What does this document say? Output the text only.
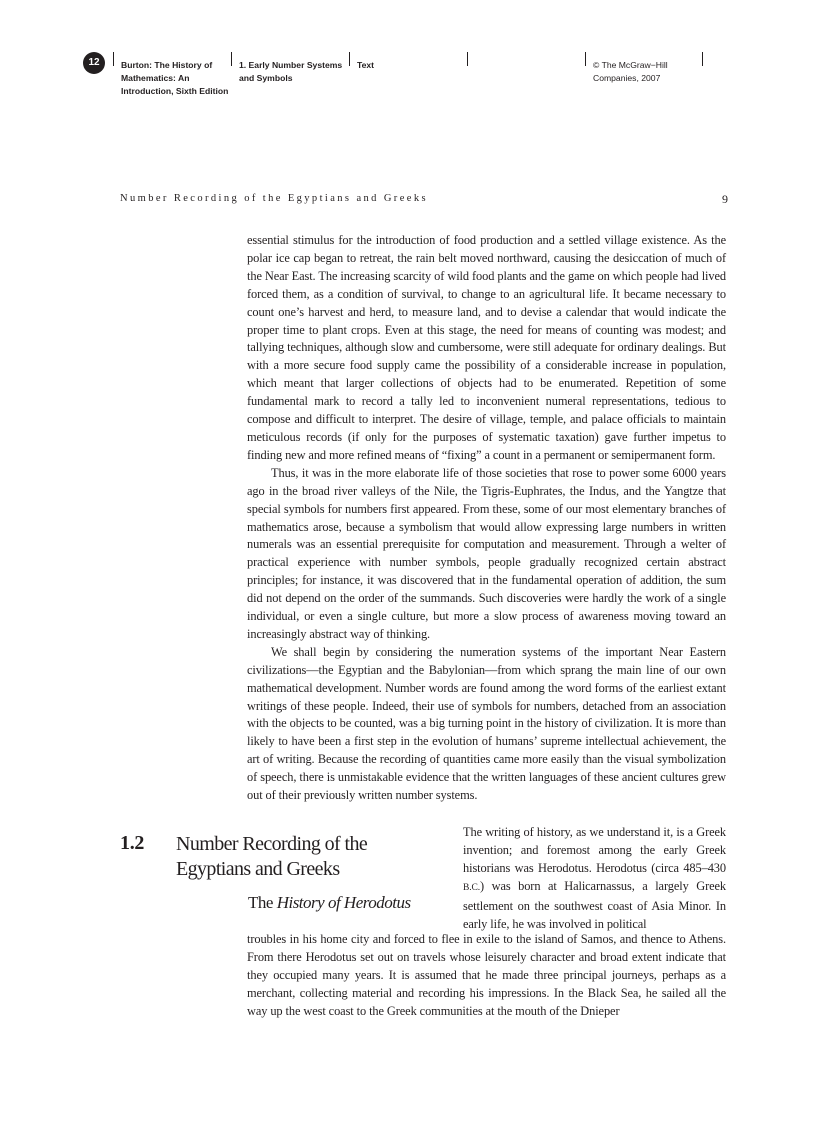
12	Burton: The History of
Mathematics: An
Introduction, Sixth Edition
1. Early Number Systems
and Symbols
Text	© The McGraw−Hill
Companies, 2007
Number Recording of the Egyptians and Greeks	9

essential stimulus for the introduction of food production and a settled village existence. As the polar ice cap began to retreat, the rain belt moved northward, causing the desiccation of much of the Near East. The increasing scarcity of wild food plants and the game on which people had lived forced them, as a condition of survival, to change to an agricultural life. It became necessary to count one’s harvest and herd, to measure land, and to devise a calendar that would indicate the proper time to plant crops. Even at this stage, the need for means of counting was modest; and tallying techniques, although slow and cumbersome, were still adequate for ordinary dealings. But with a more secure food supply came the possibility of a considerable increase in population, which meant that larger collections of objects had to be enumerated. Repetition of some fundamental mark to record a tally led to inconvenient numeral representations, tedious to compose and difficult to interpret. The desire of village, temple, and palace officials to maintain meticulous records (if only for the purposes of systematic taxation) gave further impetus to finding new and more refined means of “fixing” a count in a permanent or semipermanent form.

Thus, it was in the more elaborate life of those societies that rose to power some 6000 years ago in the broad river valleys of the Nile, the Tigris-Euphrates, the Indus, and the Yangtze that special symbols for numbers first appeared. From these, some of our most elementary branches of mathematics arose, because a symbolism that would allow expressing large numbers in written numerals was an essential prerequisite for computation and measurement. Through a welter of practical experience with number symbols, people gradually recognized certain abstract principles; for instance, it was discovered that in the fundamental operation of addition, the sum did not depend on the order of the summands. Such discoveries were hardly the work of a single individual, or even a single culture, but more a slow process of awareness moving toward an increasingly abstract way of thinking.

We shall begin by considering the numeration systems of the important Near Eastern civilizations—the Egyptian and the Babylonian—from which sprang the main line of our own mathematical development. Number words are found among the word forms of the earliest extant writings of these people. Indeed, their use of symbols for numbers, detached from an association with the objects to be counted, was a big turning point in the history of civilization. It is more than likely to have been a first step in the evolution of humans’ supreme intellectual achievement, the art of writing. Because the recording of quantities came more easily than the visual symbolization of speech, there is unmistakable evidence that the written languages of these ancient cultures grew out of their previously written number systems.

1.2 Number Recording of the Egyptians and Greeks
The History of Herodotus

The writing of history, as we understand it, is a Greek invention; and foremost among the early Greek historians was Herodotus. Herodotus (circa 485–430 B.C.) was born at Halicarnassus, a largely Greek settlement on the southwest coast of Asia Minor. In early life, he was involved in political

troubles in his home city and forced to flee in exile to the island of Samos, and thence to Athens. From there Herodotus set out on travels whose leisurely character and broad extent indicate that they occupied many years. It is assumed that he made three principal journeys, perhaps as a merchant, collecting material and recording his impressions. In the Black Sea, he sailed all the way up the west coast to the Greek communities at the mouth of the Dnieper
